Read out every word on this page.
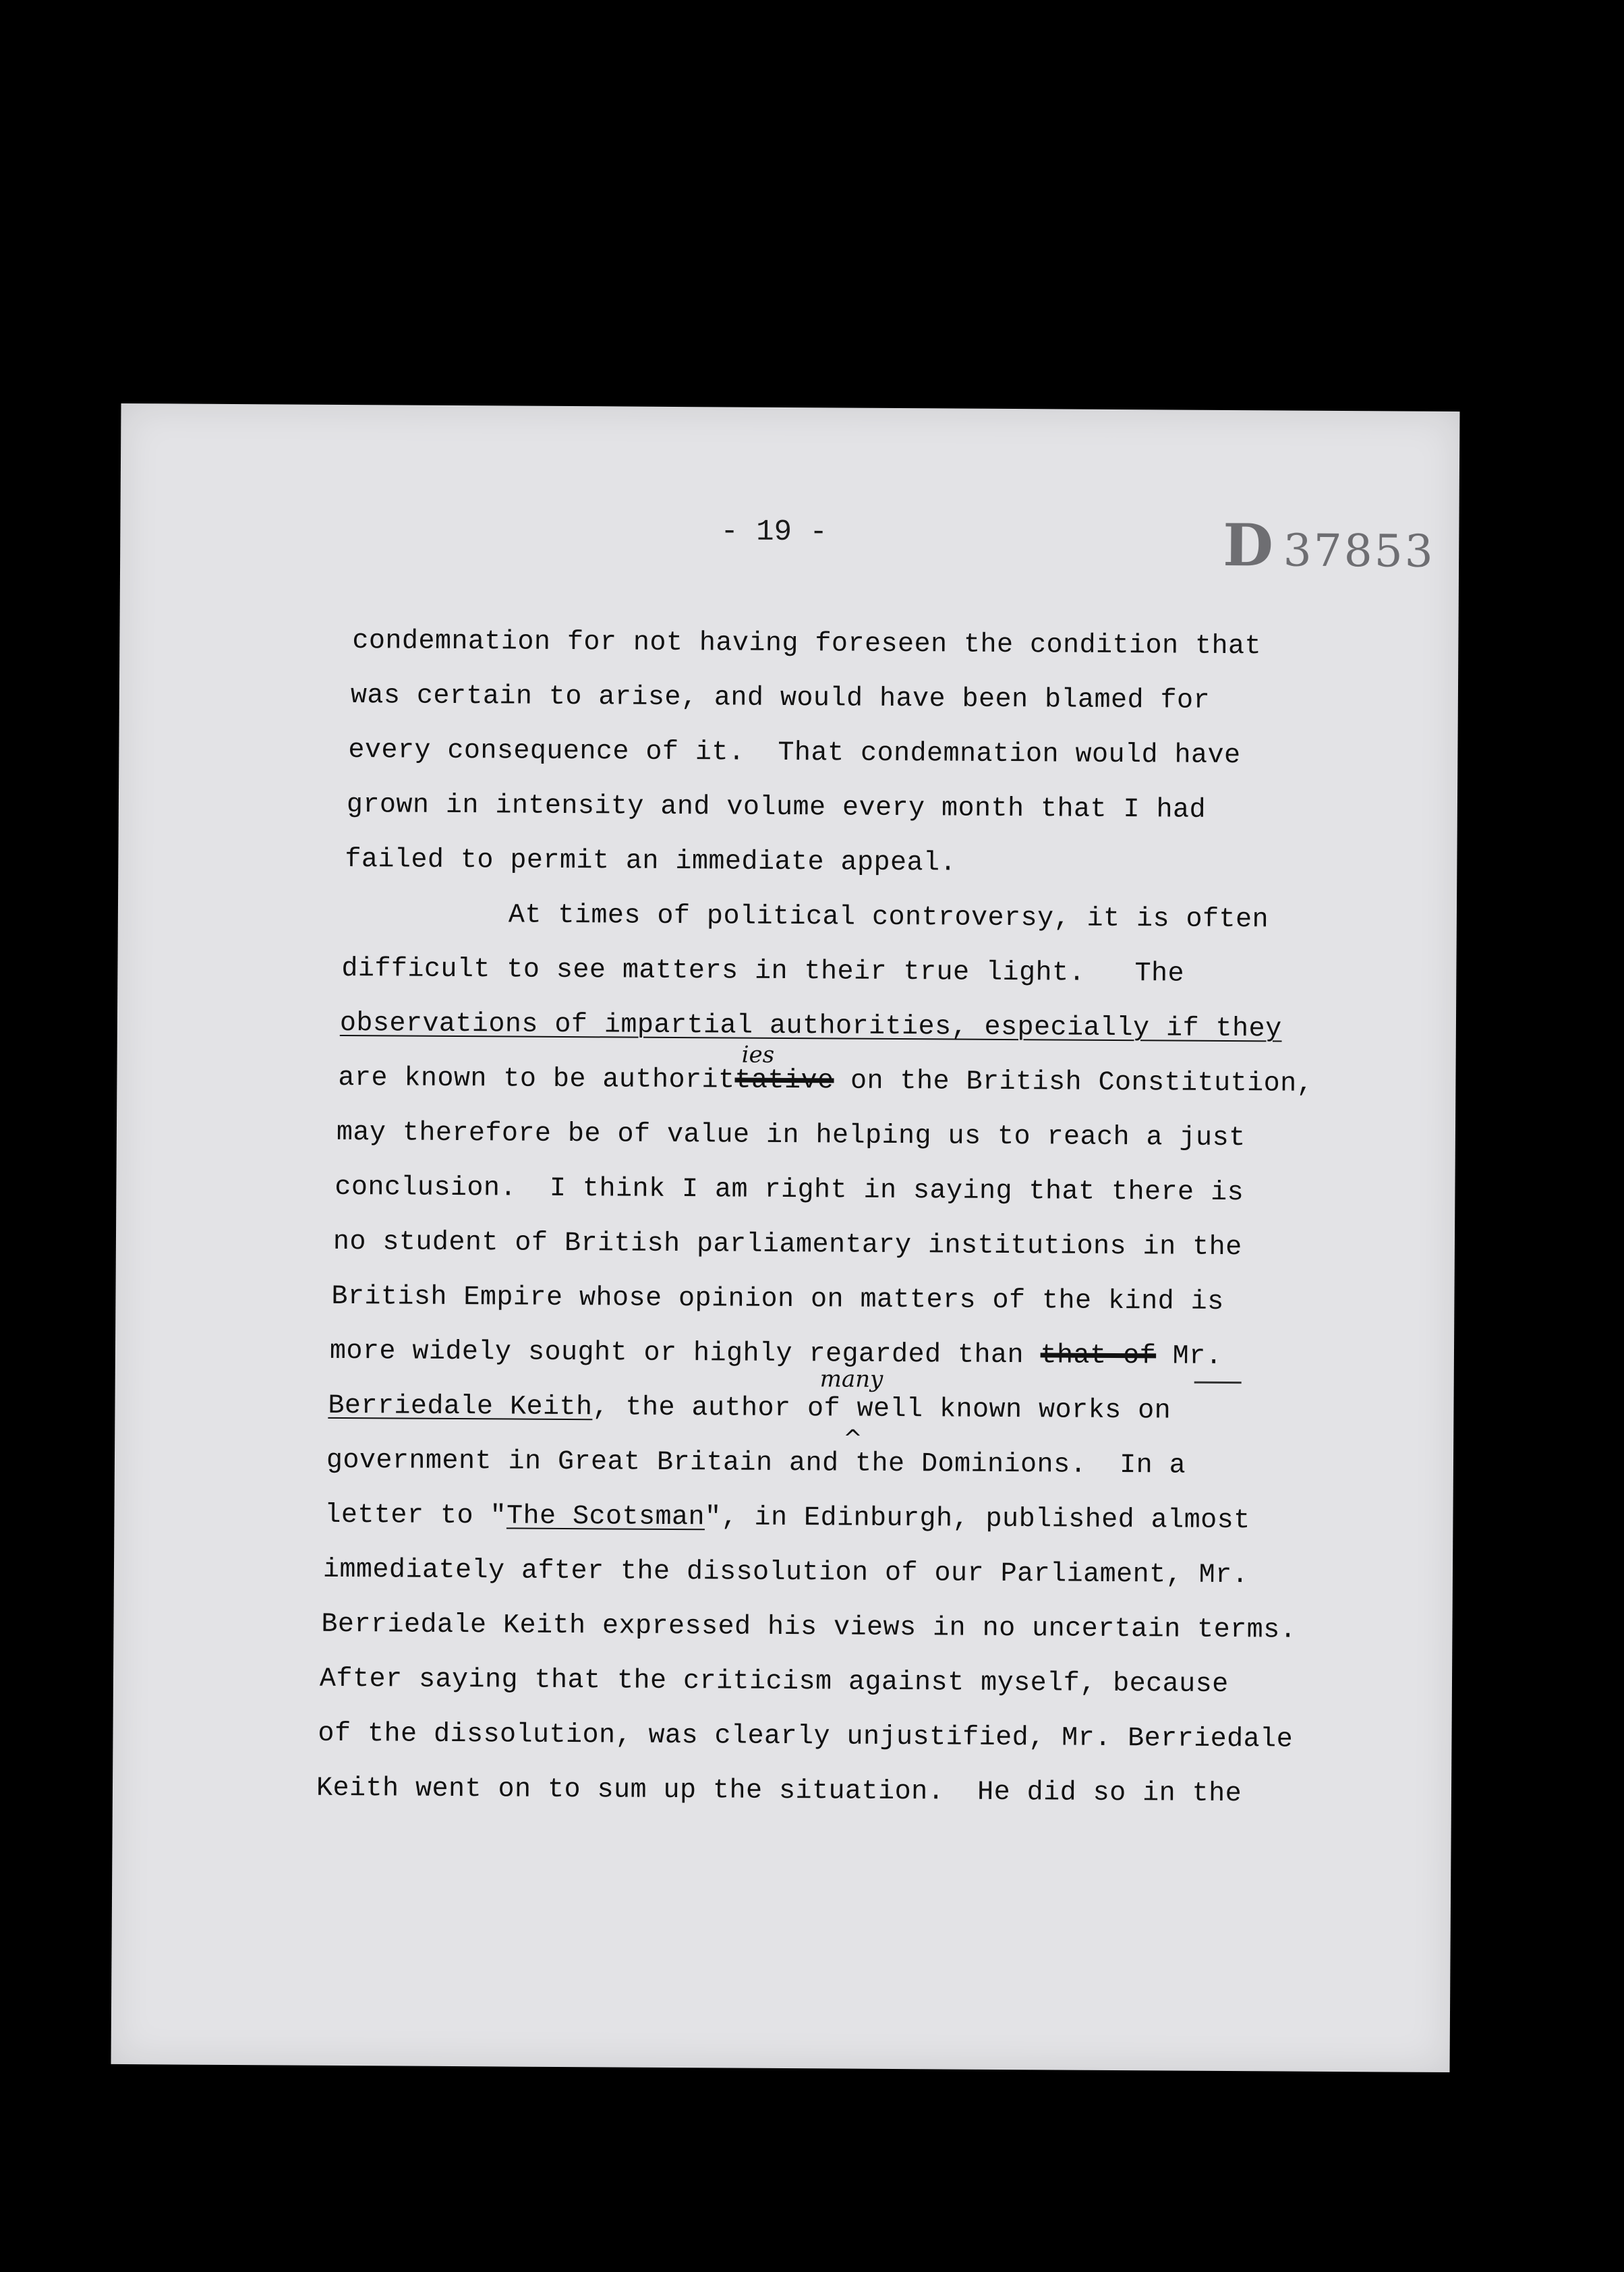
- 19 -	D 37853
condemnation for not having foreseen the condition that
was certain to arise, and would have been blamed for
every consequence of it.  That condemnation would have
grown in intensity and volume every month that I had
failed to permit an immediate appeal.
At times of political controversy, it is often
difficult to see matters in their true light.   The
observations of impartial authorities, especially if they
are known to be authorittative on the British Constitution,
ies
may therefore be of value in helping us to reach a just
conclusion.  I think I am right in saying that there is
no student of British parliamentary institutions in the
British Empire whose opinion on matters of the kind is
more widely sought or highly regarded than that of Mr.
Berriedale Keith, the author of well known works on
many
^
government in Great Britain and the Dominions.  In a
letter to "The Scotsman", in Edinburgh, published almost
immediately after the dissolution of our Parliament, Mr.
Berriedale Keith expressed his views in no uncertain terms.
After saying that the criticism against myself, because
of the dissolution, was clearly unjustified, Mr. Berriedale
Keith went on to sum up the situation.  He did so in the
